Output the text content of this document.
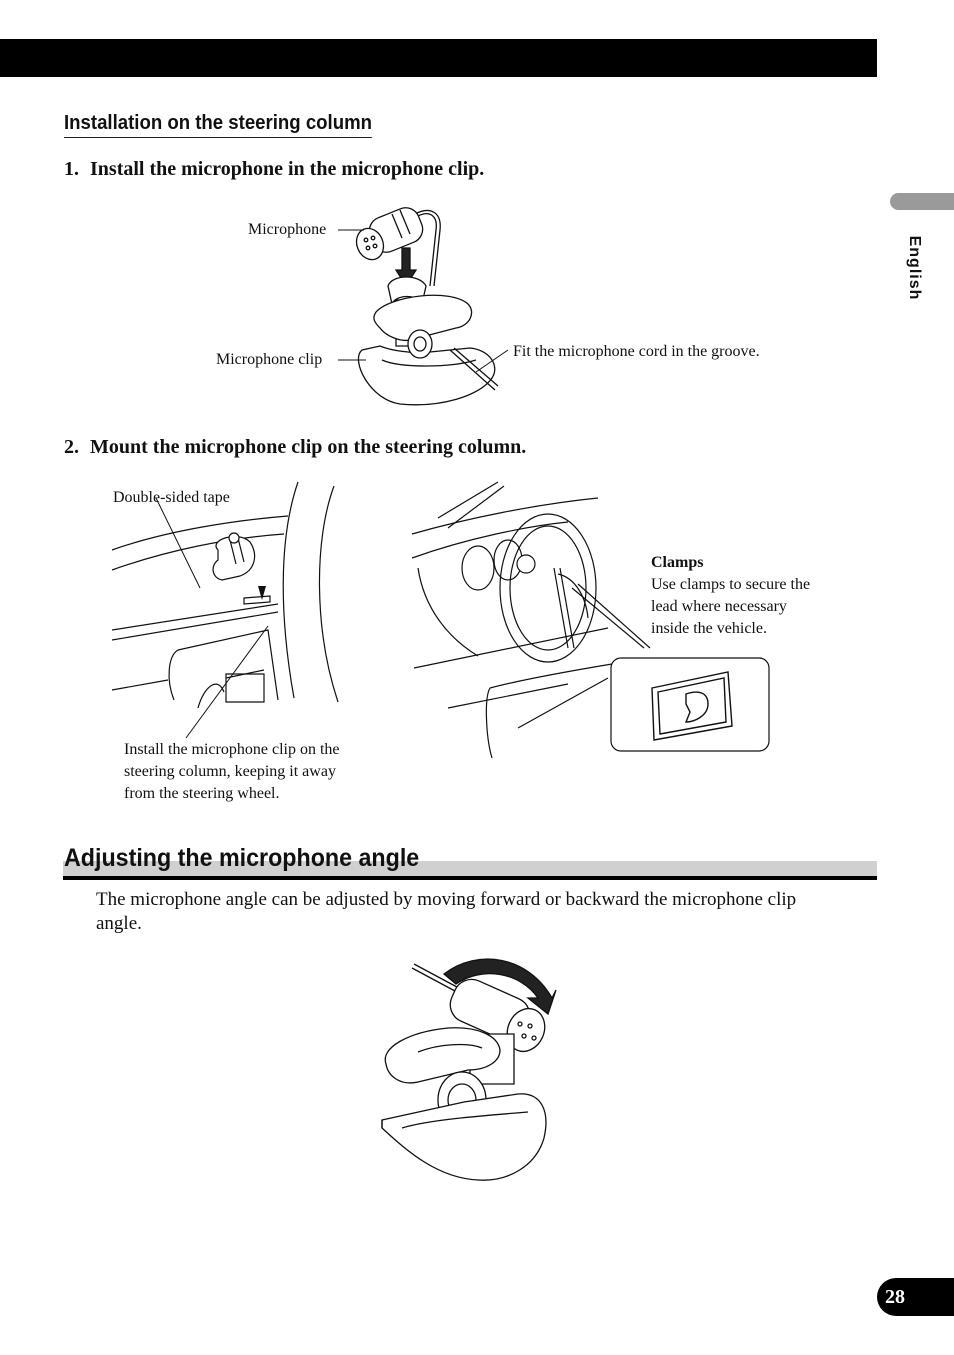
English
Installation on the steering column
1. Install the microphone in the microphone clip.
Microphone
Microphone clip	Fit the microphone cord in the groove.
2. Mount the microphone clip on the steering column.
Double-sided tape
Install the microphone clip on the
steering column, keeping it away
from the steering wheel.
Clamps
Use clamps to secure the
lead where necessary
inside the vehicle.
Adjusting the microphone angle
The microphone angle can be adjusted by moving forward or backward the microphone clip angle.
28
